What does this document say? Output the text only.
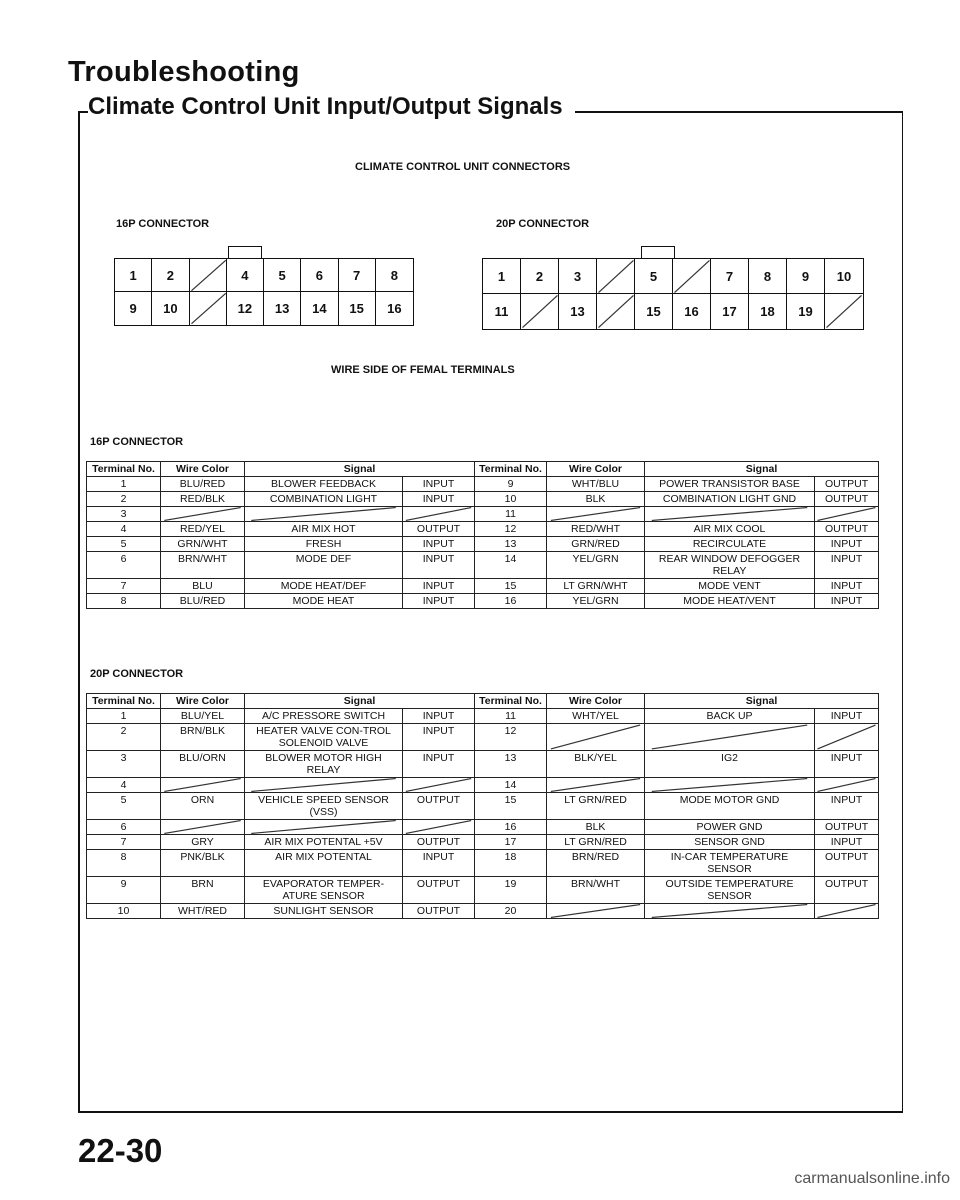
Troubleshooting
Climate Control Unit Input/Output Signals
CLIMATE CONTROL UNIT CONNECTORS
16P CONNECTOR	20P CONNECTOR
1	2	4	5	6	7	8
9	10	12	13	14	15	16
1	2	3	5	7	8	9	10
11	13	15	16	17	18	19
WIRE SIDE OF FEMAL TERMINALS
16P CONNECTOR
Terminal No.	Wire Color	Signal		Terminal No.	Wire Color	Signal	
1	BLU/RED	BLOWER FEEDBACK	INPUT	9	WHT/BLU	POWER TRANSISTOR BASE	OUTPUT
2	RED/BLK	COMBINATION LIGHT	INPUT	10	BLK	COMBINATION LIGHT GND	OUTPUT
3				11	

4	RED/YEL	AIR MIX HOT	OUTPUT	12	RED/WHT	AIR MIX COOL	OUTPUT
5	GRN/WHT	FRESH	INPUT	13	GRN/RED	RECIRCULATE	INPUT
6	BRN/WHT	MODE DEF	INPUT	14	YEL/GRN	REAR WINDOW DEFOGGER RELAY	INPUT
7	BLU	MODE HEAT/DEF	INPUT	15	LT GRN/WHT	MODE VENT	INPUT
8	BLU/RED	MODE HEAT	INPUT	16	YEL/GRN	MODE HEAT/VENT	INPUT
20P CONNECTOR
Terminal No.	Wire Color	Signal		Terminal No.	Wire Color	Signal	
1	BLU/YEL	A/C PRESSORE SWITCH	INPUT	11	WHT/YEL	BACK UP	INPUT
2	BRN/BLK	HEATER VALVE CON-TROL SOLENOID VALVE	INPUT	12	

3	BLU/ORN	BLOWER MOTOR HIGH RELAY	INPUT	13	BLK/YEL	IG2	INPUT
4				14	

5	ORN	VEHICLE SPEED SENSOR (VSS)	OUTPUT	15	LT GRN/RED	MODE MOTOR GND	INPUT
6				16	BLK	POWER GND	OUTPUT
7	GRY	AIR MIX POTENTAL +5V	OUTPUT	17	LT GRN/RED	SENSOR GND	INPUT
8	PNK/BLK	AIR MIX POTENTAL	INPUT	18	BRN/RED	IN-CAR TEMPERATURE SENSOR	OUTPUT
9	BRN	EVAPORATOR TEMPER-ATURE SENSOR	OUTPUT	19	BRN/WHT	OUTSIDE TEMPERATURE SENSOR	OUTPUT
10	WHT/RED	SUNLIGHT SENSOR	OUTPUT	20	

22-30
carmanualsonline.info
